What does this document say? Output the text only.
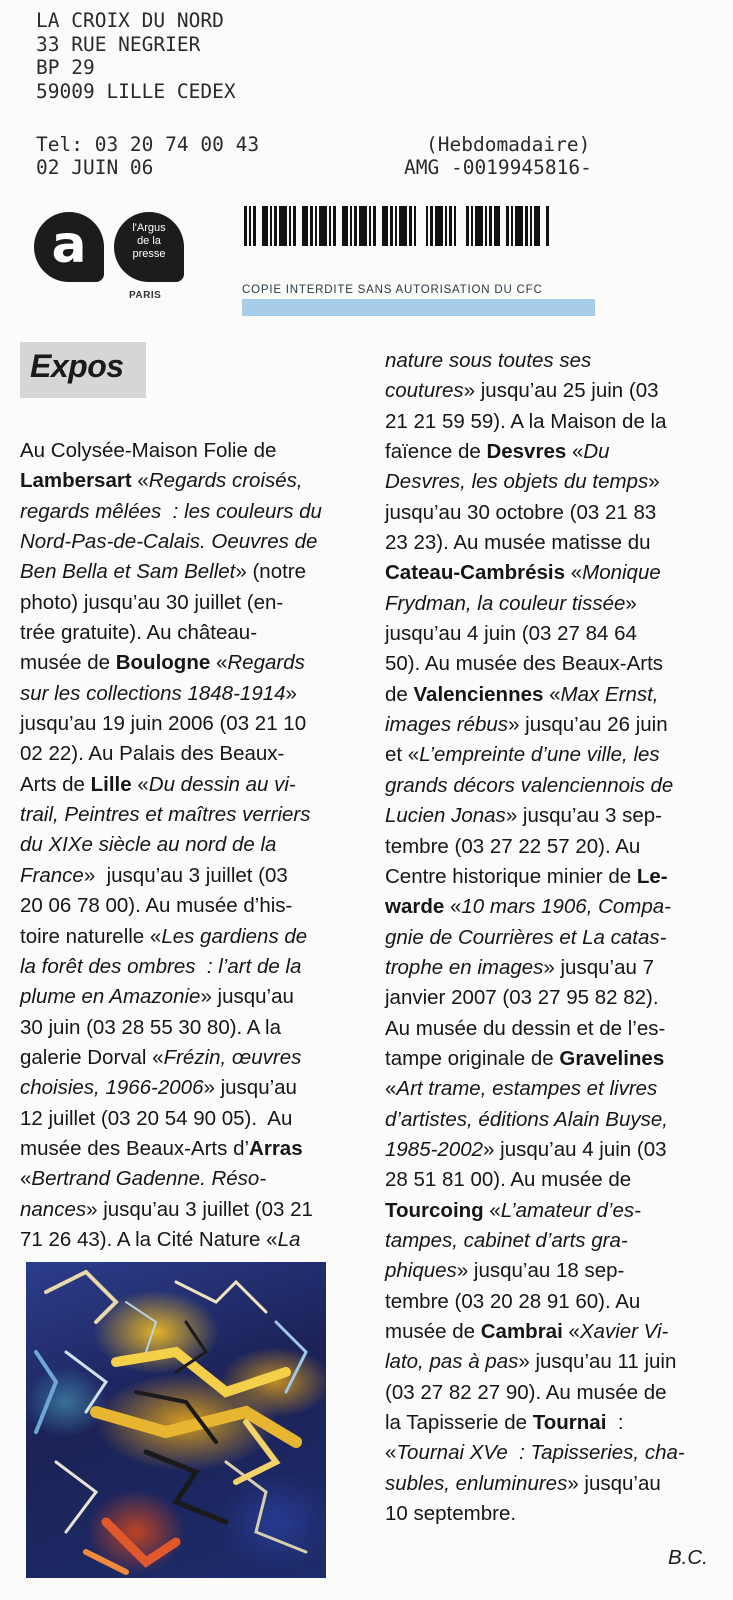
LA CROIX DU NORD
33 RUE NEGRIER
BP 29
59009 LILLE CEDEX
Tel: 03 20 74 00 43
02 JUIN 06
(Hebdomadaire)
AMG -0019945816-
a	l'Argus
de la
presse
PARIS	COPIE INTERDITE SANS AUTORISATION DU CFC
Expos
Au Colysée-Maison Folie de
Lambersart «Regards croisés,
regards mêlées  : les couleurs du
Nord-Pas-de-Calais. Oeuvres de
Ben Bella et Sam Bellet» (notre
photo) jusqu’au 30 juillet (en-
trée gratuite). Au château-
musée de Boulogne «Regards
sur les collections 1848-1914»
jusqu’au 19 juin 2006 (03 21 10
02 22). Au Palais des Beaux-
Arts de Lille «Du dessin au vi-
trail, Peintres et maîtres verriers
du XIXe siècle au nord de la
France»  jusqu’au 3 juillet (03
20 06 78 00). Au musée d’his-
toire naturelle «Les gardiens de
la forêt des ombres  : l’art de la
plume en Amazonie» jusqu’au
30 juin (03 28 55 30 80). A la
galerie Dorval «Frézin, œuvres
choisies, 1966-2006» jusqu’au
12 juillet (03 20 54 90 05).  Au
musée des Beaux-Arts d’Arras
«Bertrand Gadenne. Réso-
nances» jusqu’au 3 juillet (03 21
71 26 43). A la Cité Nature «La
nature sous toutes ses
coutures» jusqu’au 25 juin (03
21 21 59 59). A la Maison de la
faïence de Desvres «Du
Desvres, les objets du temps»
jusqu’au 30 octobre (03 21 83
23 23). Au musée matisse du
Cateau-Cambrésis «Monique
Frydman, la couleur tissée»
jusqu’au 4 juin (03 27 84 64
50). Au musée des Beaux-Arts
de Valenciennes «Max Ernst,
images rébus» jusqu’au 26 juin
et «L’empreinte d’une ville, les
grands décors valenciennois de
Lucien Jonas» jusqu’au 3 sep-
tembre (03 27 22 57 20). Au
Centre historique minier de Le-
warde «10 mars 1906, Compa-
gnie de Courrières et La catas-
trophe en images» jusqu’au 7
janvier 2007 (03 27 95 82 82).
Au musée du dessin et de l’es-
tampe originale de Gravelines
«Art trame, estampes et livres
d’artistes, éditions Alain Buyse,
1985-2002» jusqu’au 4 juin (03
28 51 81 00). Au musée de
Tourcoing «L’amateur d’es-
tampes, cabinet d’arts gra-
phiques» jusqu’au 18 sep-
tembre (03 20 28 91 60). Au
musée de Cambrai «Xavier Vi-
lato, pas à pas» jusqu’au 11 juin
(03 27 82 27 90). Au musée de
la Tapisserie de Tournai  :
«Tournai XVe  : Tapisseries, cha-
subles, enluminures» jusqu’au
10 septembre.
B.C.
